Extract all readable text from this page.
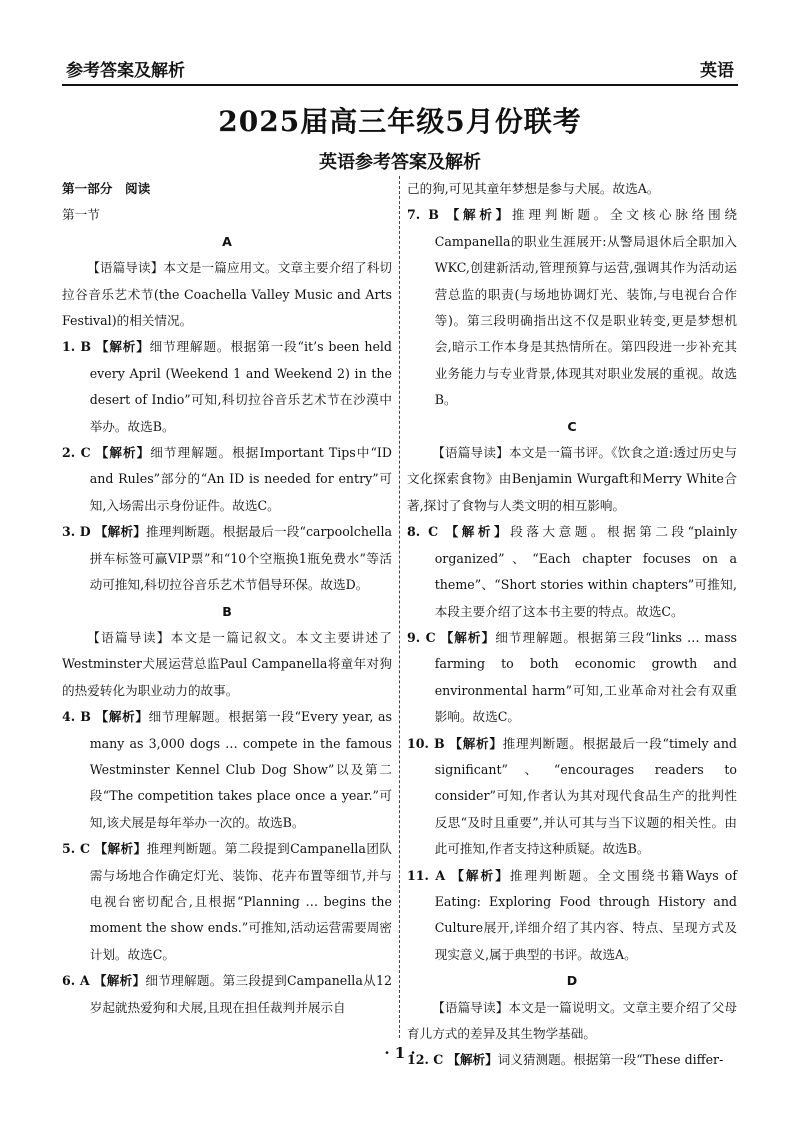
参考答案及解析	英语
2025届高三年级5月份联考
英语参考答案及解析

第一部分　阅读

第一节

A

【语篇导读】本文是一篇应用文。文章主要介绍了科切拉谷音乐艺术节(the Coachella Valley Music and Arts Festival)的相关情况。

1. B 【解析】细节理解题。根据第一段“it’s been held every April (Weekend 1 and Weekend 2) in the desert of Indio”可知,科切拉谷音乐艺术节在沙漠中举办。故选B。

2. C 【解析】细节理解题。根据Important Tips中“ID and Rules”部分的“An ID is needed for entry”可知,入场需出示身份证件。故选C。

3. D 【解析】推理判断题。根据最后一段“carpoolchella拼车标签可赢VIP票”和“10个空瓶换1瓶免费水”等活动可推知,科切拉谷音乐艺术节倡导环保。故选D。

B

【语篇导读】本文是一篇记叙文。本文主要讲述了Westminster犬展运营总监Paul Campanella将童年对狗的热爱转化为职业动力的故事。

4. B 【解析】细节理解题。根据第一段“Every year, as many as 3,000 dogs … compete in the famous Westminster Kennel Club Dog Show”以及第二段“The competition takes place once a year.”可知,该犬展是每年举办一次的。故选B。

5. C 【解析】推理判断题。第二段提到Campanella团队需与场地合作确定灯光、装饰、花卉布置等细节,并与电视台密切配合,且根据“Planning … begins the moment the show ends.”可推知,活动运营需要周密计划。故选C。

6. A 【解析】细节理解题。第三段提到Campanella从12岁起就热爱狗和犬展,且现在担任裁判并展示自

己的狗,可见其童年梦想是参与犬展。故选A。

7. B 【解析】推理判断题。全文核心脉络围绕Campanella的职业生涯展开:从警局退休后全职加入WKC,创建新活动,管理预算与运营,强调其作为活动运营总监的职责(与场地协调灯光、装饰,与电视台合作等)。第三段明确指出这不仅是职业转变,更是梦想机会,暗示工作本身是其热情所在。第四段进一步补充其业务能力与专业背景,体现其对职业发展的重视。故选B。

C

【语篇导读】本文是一篇书评。《饮食之道:透过历史与文化探索食物》由Benjamin Wurgaft和Merry White合著,探讨了食物与人类文明的相互影响。

8. C 【解析】段落大意题。根据第二段“plainly organized”、“Each chapter focuses on a theme”、“Short stories within chapters”可推知,本段主要介绍了这本书主要的特点。故选C。

9. C 【解析】细节理解题。根据第三段“links … mass farming to both economic growth and environmental harm”可知,工业革命对社会有双重影响。故选C。

10. B 【解析】推理判断题。根据最后一段“timely and significant”、“encourages readers to consider”可知,作者认为其对现代食品生产的批判性反思“及时且重要”,并认可其与当下议题的相关性。由此可推知,作者支持这种质疑。故选B。

11. A 【解析】推理判断题。全文围绕书籍Ways of Eating: Exploring Food through History and Culture展开,详细介绍了其内容、特点、呈现方式及现实意义,属于典型的书评。故选A。

D

【语篇导读】本文是一篇说明文。文章主要介绍了父母育儿方式的差异及其生物学基础。

12. C 【解析】词义猜测题。根据第一段“These differ-

· 1 ·
